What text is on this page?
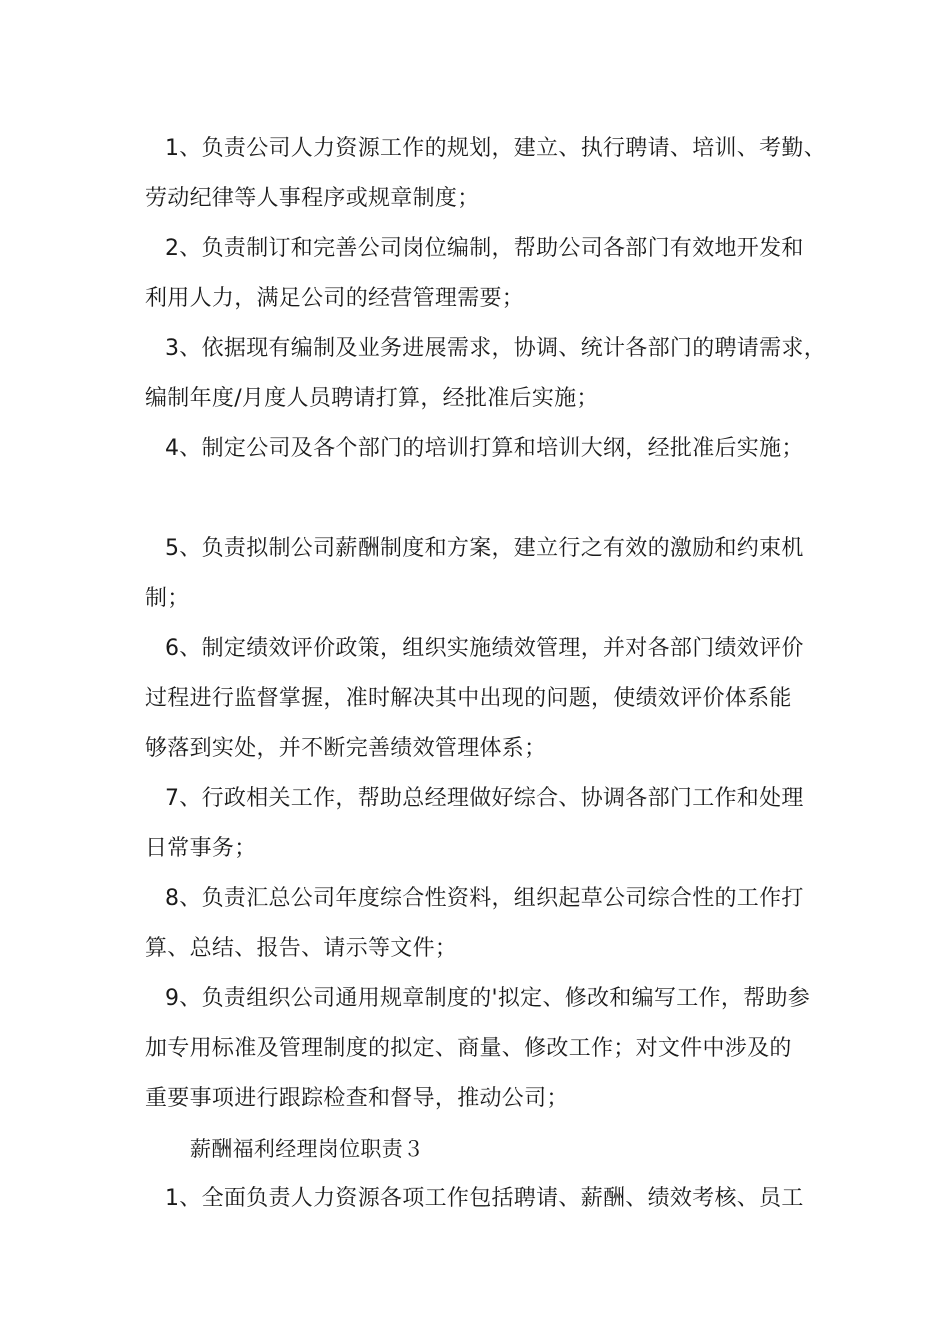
1、负责公司人力资源工作的规划，建立、执行聘请、培训、考勤、
劳动纪律等人事程序或规章制度；
2、负责制订和完善公司岗位编制，帮助公司各部门有效地开发和
利用人力，满足公司的经营管理需要；
3、依据现有编制及业务进展需求，协调、统计各部门的聘请需求，
编制年度/月度人员聘请打算，经批准后实施；
4、制定公司及各个部门的培训打算和培训大纲，经批准后实施；
5、负责拟制公司薪酬制度和方案，建立行之有效的激励和约束机
制；
6、制定绩效评价政策，组织实施绩效管理，并对各部门绩效评价
过程进行监督掌握，准时解决其中出现的问题，使绩效评价体系能
够落到实处，并不断完善绩效管理体系；
7、行政相关工作，帮助总经理做好综合、协调各部门工作和处理
日常事务；
8、负责汇总公司年度综合性资料，组织起草公司综合性的工作打
算、总结、报告、请示等文件；
9、负责组织公司通用规章制度的'拟定、修改和编写工作，帮助参
加专用标准及管理制度的拟定、商量、修改工作；对文件中涉及的
重要事项进行跟踪检查和督导，推动公司；
薪酬福利经理岗位职责３
1、全面负责人力资源各项工作包括聘请、薪酬、绩效考核、员工
